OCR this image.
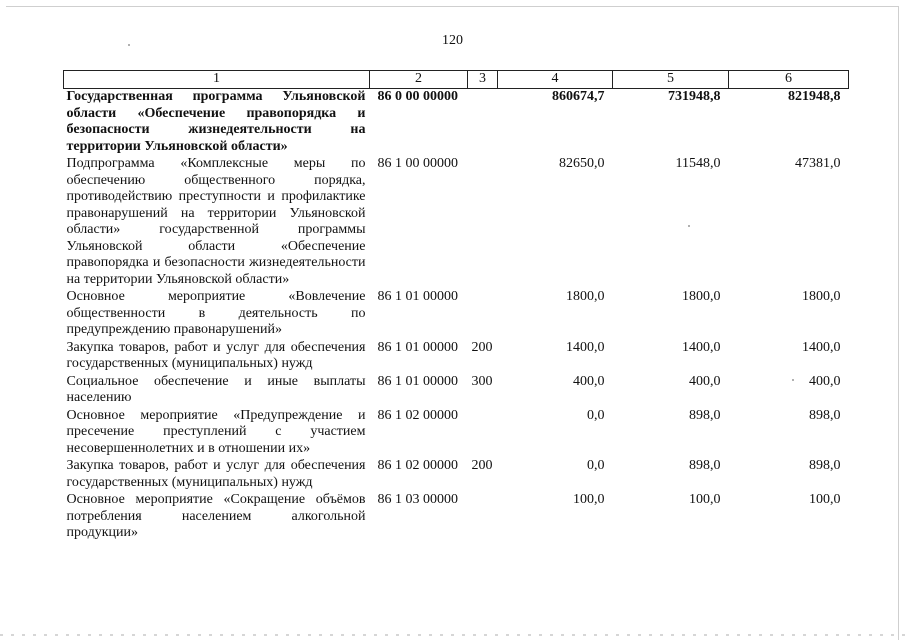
120
1	2	3	4	5	6
Государственная программа Ульяновской области «Обеспечение правопорядка и безопасности жизнедеятельности на территории Ульяновской области»	86 0 00 00000		860674,7	731948,8	821948,8
Подпрограмма «Комплексные меры по обеспечению общественного порядка, противодействию преступности и профилактике правонарушений на территории Ульяновской области» государственной программы Ульяновской области «Обеспечение правопорядка и безопасности жизнедеятельности на территории Ульяновской области»	86 1 00 00000		82650,0	11548,0	47381,0
Основное мероприятие «Вовлечение общественности в деятельность по предупреждению правонарушений»	86 1 01 00000		1800,0	1800,0	1800,0
Закупка товаров, работ и услуг для обеспечения государственных (муниципальных) нужд	86 1 01 00000	200	1400,0	1400,0	1400,0
Социальное обеспечение и иные выплаты населению	86 1 01 00000	300	400,0	400,0	400,0
Основное мероприятие «Предупреждение и пресечение преступлений с участием несовершеннолетних и в отношении их»	86 1 02 00000		0,0	898,0	898,0
Закупка товаров, работ и услуг для обеспечения государственных (муниципальных) нужд	86 1 02 00000	200	0,0	898,0	898,0
Основное мероприятие «Сокращение объёмов потребления населением алкогольной продукции»	86 1 03 00000		100,0	100,0	100,0
